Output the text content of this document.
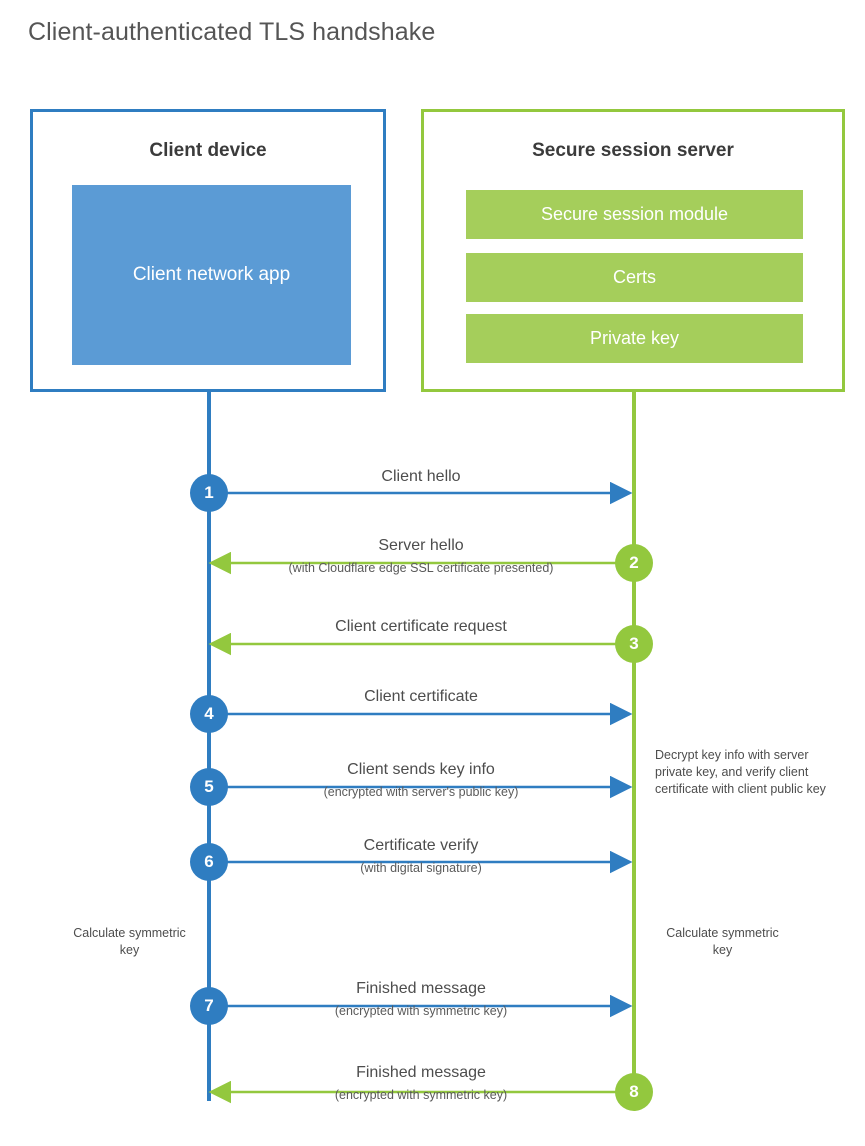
Client-authenticated TLS handshake
Client device
Client network app
Secure session server
Secure session module
Certs
Private key
1
2
3
4
5
6
7
8
Client hello
Server hello
(with Cloudflare edge SSL certificate presented)
Client certificate request
Client certificate
Client sends key info
(encrypted with server's public key)
Certificate verify
(with digital signature)
Finished message
(encrypted with symmetric key)
Finished message
(encrypted with symmetric key)
Decrypt key info with server private key, and verify client certificate with client public key
Calculate symmetric key
Calculate symmetric key
